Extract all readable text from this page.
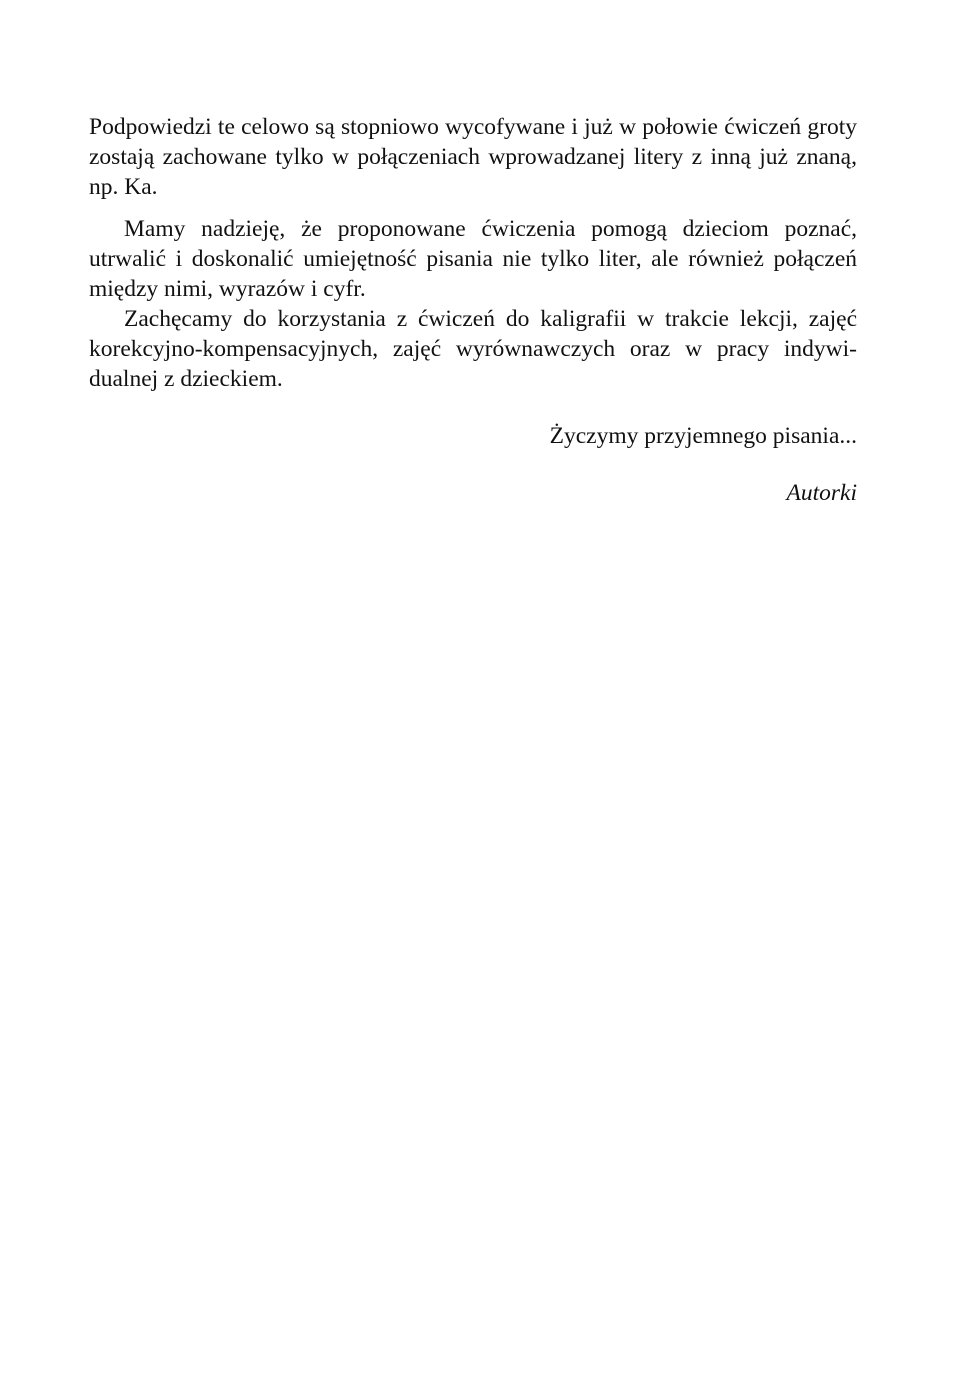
Podpowiedzi te celowo są stopniowo wycofywane i już w połowie ćwiczeń groty zostają zachowane tylko w połączeniach wprowadzanej litery z inną już znaną, np. Ka.

Mamy nadzieję, że proponowane ćwiczenia pomogą dzieciom poznać, utrwalić i doskonalić umiejętność pisania nie tylko liter, ale również połączeń między nimi, wyrazów i cyfr.

Zachęcamy do korzystania z ćwiczeń do kaligrafii w trakcie lekcji, zajęć korekcyjno-kompensacyjnych, zajęć wyrównawczych oraz w pracy indywidualnej z dzieckiem.

Życzymy przyjemnego pisania...

Autorki
